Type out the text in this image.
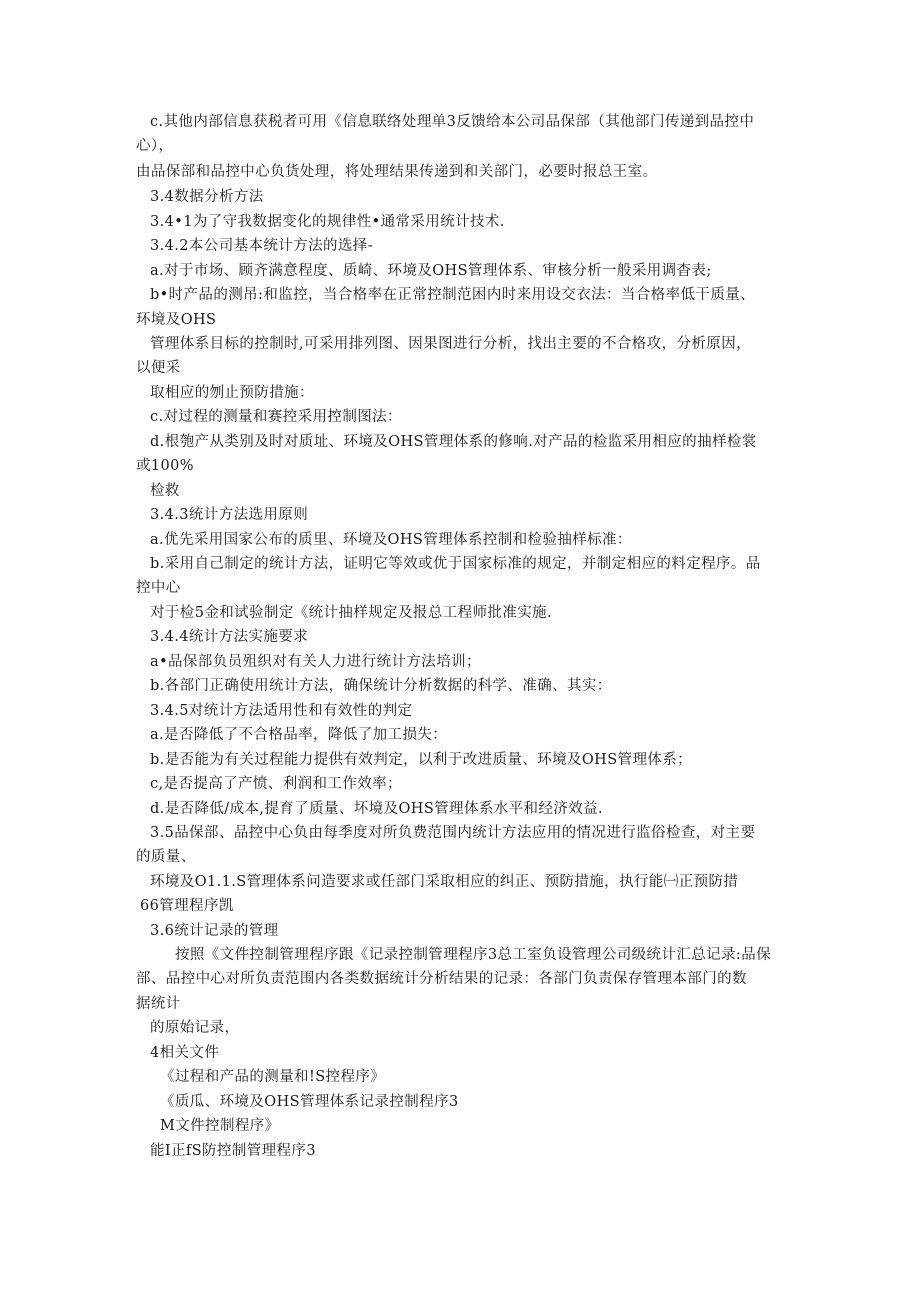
c.其他内部信息获税者可用《信息联络处理单3反馈给本公司品保部（其他部门传递到品控中
心），
由品保部和品控中心负货处理，将处理结果传递到和关部门，必要时报总王室。
3.4数据分析方法
3.4•1为了守我数据变化的规律性•通常采用统计技术.
3.4.2本公司基本统计方法的选择-
a.对于市场、顾齐满意程度、质崎、环境及OHS管理体系、审核分析一般采用调杳表;
b•时产品的测吊:和监控，当合格率在正常控制范困内时来用设交衣法：当合格率低干质量、
环境及OHS
管理体系目标的控制时,可采用排列图、因果图进行分析，找出主要的不合格攻，分析原因，
以便采
取相应的刎止预防措施：
c.对过程的测量和赛控采用控制图法：
d.根匏产从类别及时对质址、环境及OHS管理体系的修响.对产品的检监采用相应的抽样检裳
或100%
检救
3.4.3统计方法选用原则
a.优先采用国家公布的质里、环境及OHS管理体系控制和检验抽样标准：
b.采用自己制定的统计方法，证明它等效或优于国家标准的规定，并制定相应的料定程序。品
控中心
对于检5金和试验制定《统计抽样规定及报总工程师批准实施.
3.4.4统计方法实施要求
a•品保部负员殂织对有关人力进行统计方法培训；
b.各部门正确使用统计方法，确保统计分析数据的科学、准确、其实：
3.4.5对统计方法适用性和有效性的判定
a.是否降低了不合格品率，降低了加工损失：
b.是否能为有关过程能力提供有效判定，以利于改进质量、环境及OHS管理体系；
c,是否提高了产愤、利润和工作效率；
d.是否降低/成本,提育了质量、坏境及OHS管理体系水平和经济效益.
3.5品保部、品控中心负由每季度对所负费范围内统计方法应用的情况进行监俗检查，对主要
的质量、
环境及O1.1.S管理体系问造要求或任部门采取相应的纠正、预防措施，执行能㈠正预防措
66管理程序凯
3.6统计记录的管理
按照《文件控制管理程序跟《记录控制管理程序3总工室负设管理公司级统计汇总记录:品保
部、品控中心对所负责范围内各类数据统计分析结果的记录：各部门负责保存管理本部门的数
据统计
的原始记录，
4相关文件
《过程和产品的测量和!S控程序》
《质瓜、环境及OHS管理体系记录控制程序3
M文件控制程序》
能I正fS防控制管理程序3
